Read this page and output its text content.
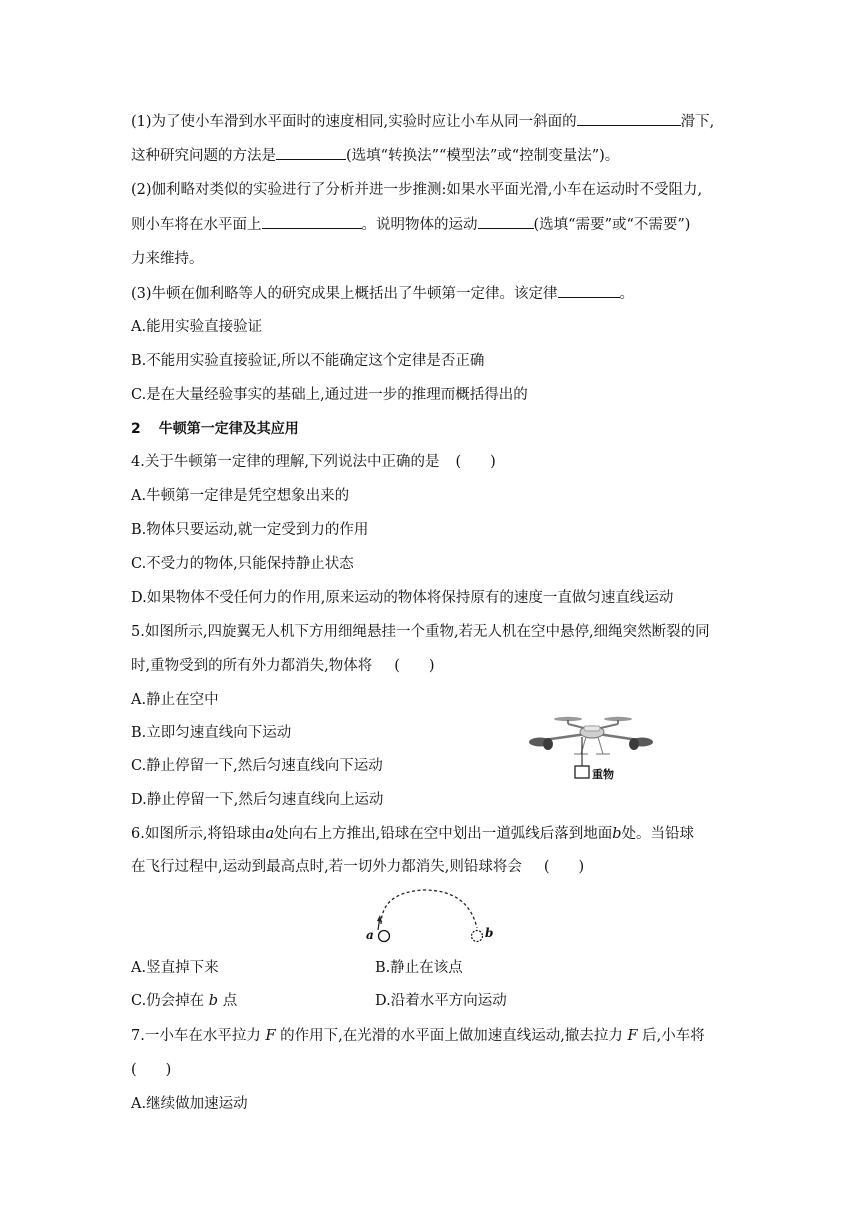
(1)为了使小车滑到水平面时的速度相同,实验时应让小车从同一斜面的	滑下,
这种研究问题的方法是	(选填“转换法”“模型法”或“控制变量法”)。
(2)伽利略对类似的实验进行了分析并进一步推测:如果水平面光滑,小车在运动时不受阻力,
则小车将在水平面上	。说明物体的运动	(选填“需要”或“不需要”)
力来维持。
(3)牛顿在伽利略等人的研究成果上概括出了牛顿第一定律。该定律	。
A.能用实验直接验证
B.不能用实验直接验证,所以不能确定这个定律是否正确
C.是在大量经验事实的基础上,通过进一步的推理而概括得出的
2 牛顿第一定律及其应用
4.关于牛顿第一定律的理解,下列说法中正确的是 (　　)
A.牛顿第一定律是凭空想象出来的
B.物体只要运动,就一定受到力的作用
C.不受力的物体,只能保持静止状态
D.如果物体不受任何力的作用,原来运动的物体将保持原有的速度一直做匀速直线运动
5.如图所示,四旋翼无人机下方用细绳悬挂一个重物,若无人机在空中悬停,细绳突然断裂的同
时,重物受到的所有外力都消失,物体将 (　　)
A.静止在空中
B.立即匀速直线向下运动
C.静止停留一下,然后匀速直线向下运动
D.静止停留一下,然后匀速直线向上运动
重物
6.如图所示,将铅球由a处向右上方推出,铅球在空中划出一道弧线后落到地面b处。当铅球
在飞行过程中,运动到最高点时,若一切外力都消失,则铅球将会 (　　)
a	b
A.竖直掉下来	B.静止在该点
C.仍会掉在 b 点	D.沿着水平方向运动
7.一小车在水平拉力 F 的作用下,在光滑的水平面上做加速直线运动,撤去拉力 F 后,小车将
(　　)
A.继续做加速运动
